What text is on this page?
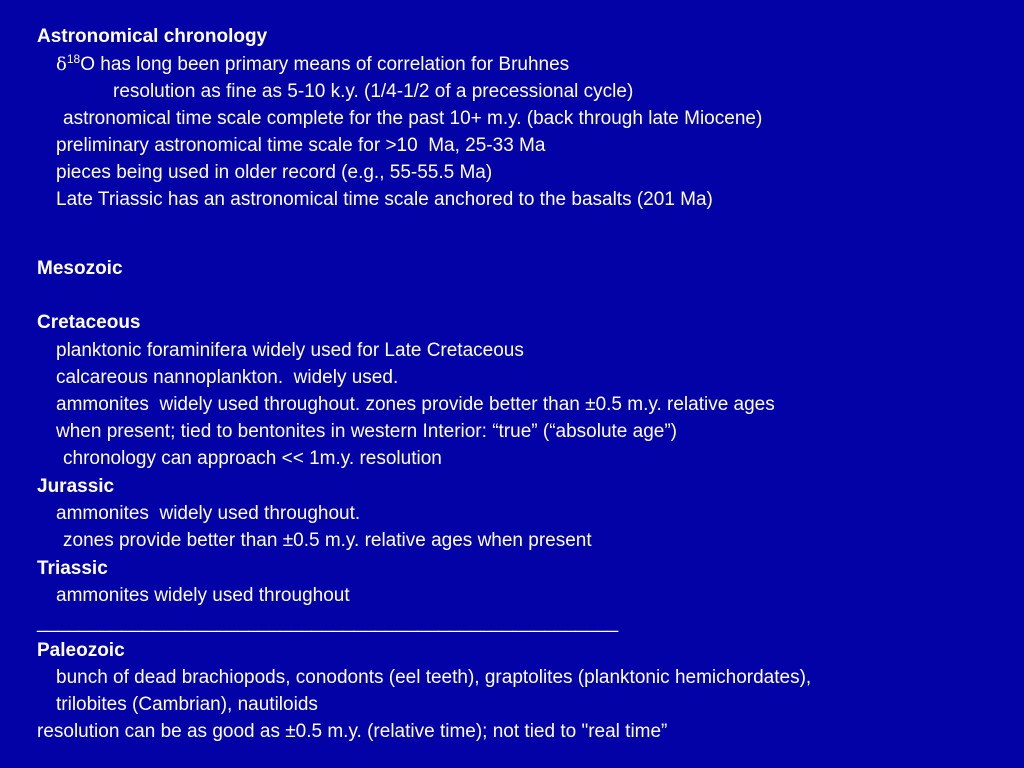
Astronomical chronology
$\delta^{18}O$ has long been primary means of correlation for Bruhnes
resolution as fine as 5-10 k.y. (1/4-1/2 of a precessional cycle)
astronomical time scale complete for the past 10+ m.y. (back through late Miocene)
preliminary astronomical time scale for >10  Ma, 25-33 Ma
pieces being used in older record (e.g., 55-55.5 Ma)
Late Triassic has an astronomical time scale anchored to the basalts (201 Ma)
Mesozoic
Cretaceous
planktonic foraminifera widely used for Late Cretaceous
calcareous nannoplankton.  widely used.
ammonites  widely used throughout. zones provide better than ±0.5 m.y. relative ages
when present; tied to bentonites in western Interior: “true” (“absolute age”)
chronology can approach << 1m.y. resolution
Jurassic
ammonites  widely used throughout.
zones provide better than ±0.5 m.y. relative ages when present
Triassic
ammonites widely used throughout
_______________________________________________________
Paleozoic
bunch of dead brachiopods, conodonts (eel teeth), graptolites (planktonic hemichordates),
trilobites (Cambrian), nautiloids
resolution can be as good as ±0.5 m.y. (relative time); not tied to "real time”
